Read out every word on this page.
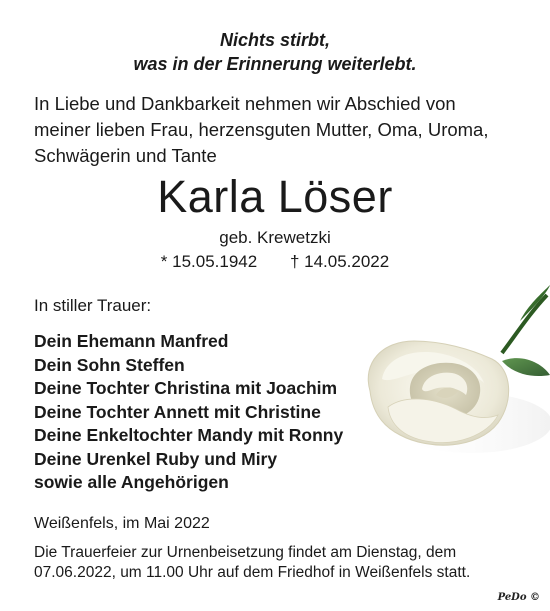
Nichts stirbt,
was in der Erinnerung weiterlebt.
In Liebe und Dankbarkeit nehmen wir Abschied von
meiner lieben Frau, herzensguten Mutter, Oma, Uroma,
Schwägerin und Tante
Karla Löser
geb. Krewetzki
* 15.05.1942 † 14.05.2022
In stiller Trauer:
Dein Ehemann Manfred
Dein Sohn Steffen
Deine Tochter Christina mit Joachim
Deine Tochter Annett mit Christine
Deine Enkeltochter Mandy mit Ronny
Deine Urenkel Ruby und Miry
sowie alle Angehörigen
Weißenfels, im Mai 2022
Die Trauerfeier zur Urnenbeisetzung findet am Dienstag, dem
07.06.2022, um 11.00 Uhr auf dem Friedhof in Weißenfels statt.
PeDo ©
